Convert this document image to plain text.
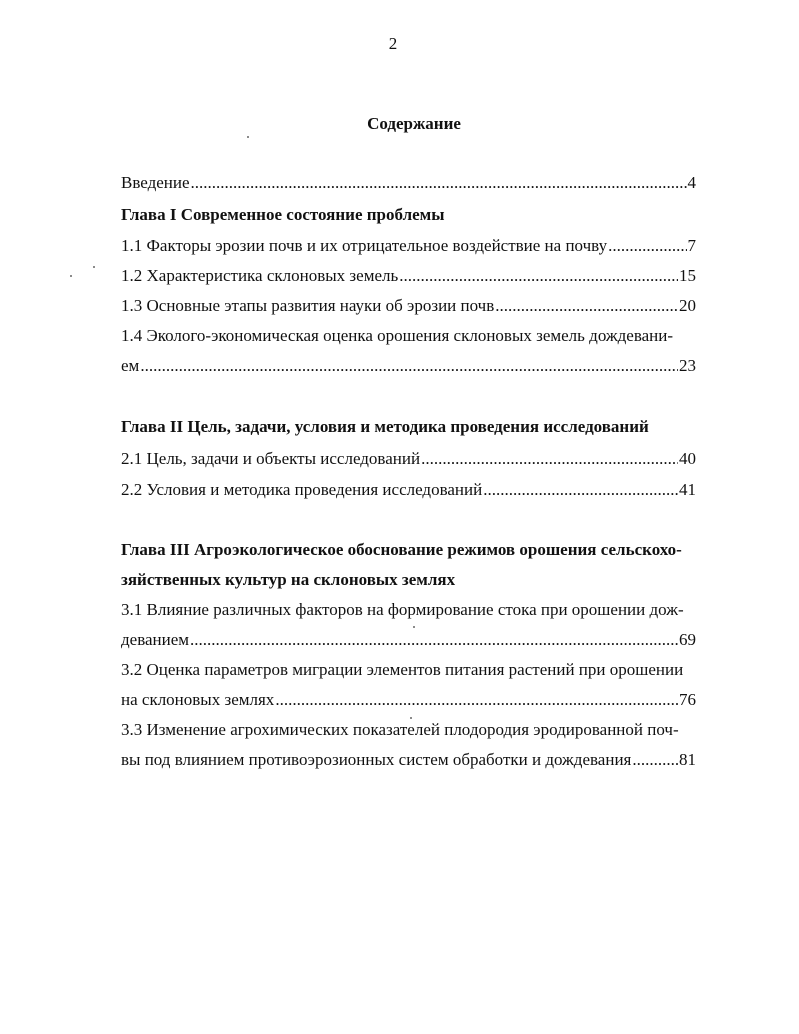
2
Содержание
Введение .....	4
Глава I Современное состояние проблемы
1.1 Факторы эрозии почв и их отрицательное воздействие на почву .....	7
1.2 Характеристика склоновых земель .....	15
1.3 Основные этапы развития науки об эрозии почв .....	20
1.4 Эколого-экономическая оценка орошения склоновых земель дождевани-
ем .....	23
Глава II Цель, задачи, условия и методика проведения исследований
2.1 Цель, задачи и объекты исследований .....	40
2.2 Условия и методика проведения исследований .....	41
Глава III Агроэкологическое обоснование режимов орошения сельскохо-
зяйственных культур на склоновых землях
3.1 Влияние различных факторов на формирование стока при орошении дож-
деванием .....	69
3.2 Оценка параметров миграции элементов питания растений при орошении
на склоновых землях .....	76
3.3 Изменение агрохимических показателей плодородия эродированной поч-
вы под влиянием противоэрозионных систем обработки и дождевания .....	81
